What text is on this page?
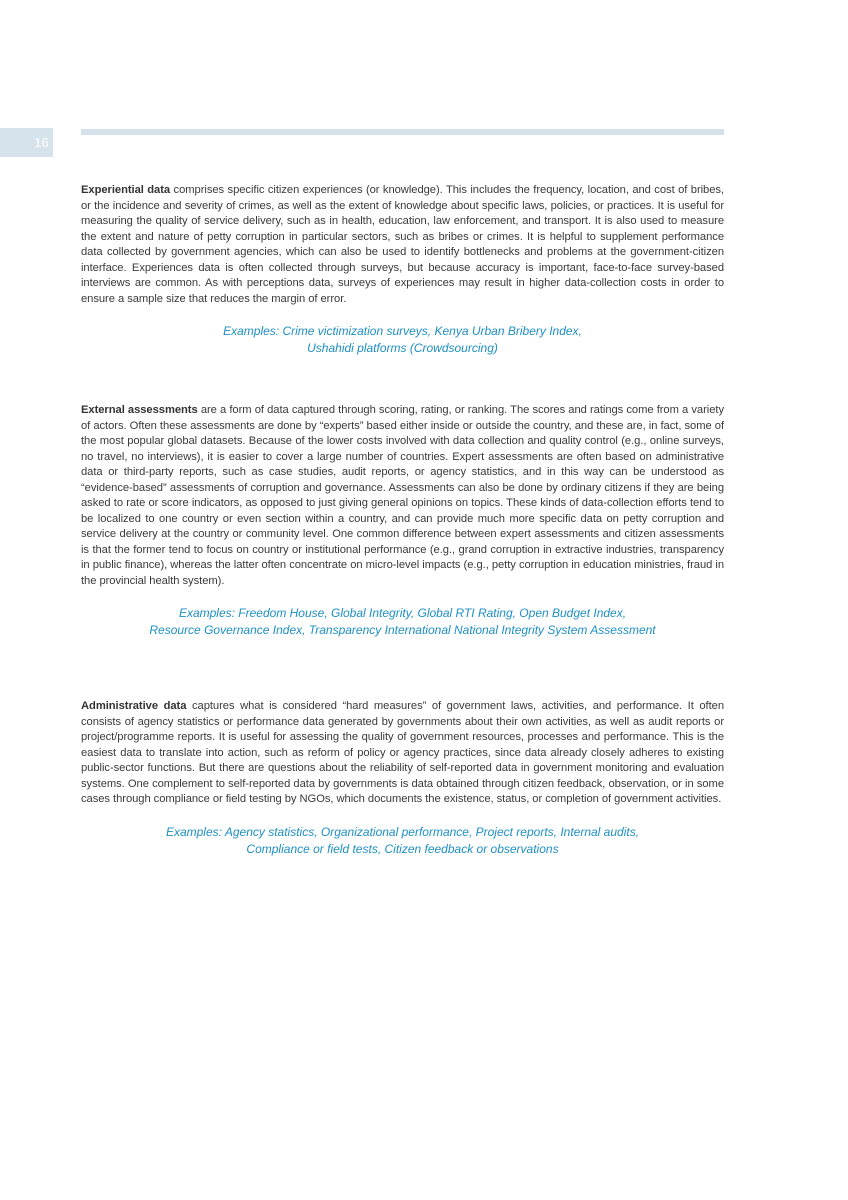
16

Experiential data comprises specific citizen experiences (or knowledge). This includes the frequency, location, and cost of bribes, or the incidence and severity of crimes, as well as the extent of knowledge about specific laws, policies, or practices. It is useful for measuring the quality of service delivery, such as in health, education, law enforcement, and transport. It is also used to measure the extent and nature of petty corruption in particular sectors, such as bribes or crimes. It is helpful to supplement performance data collected by government agencies, which can also be used to identify bottlenecks and problems at the government-citizen interface. Experiences data is often collected through surveys, but because accuracy is important, face-to-face survey-based interviews are common. As with perceptions data, surveys of experiences may result in higher data-collection costs in order to ensure a sample size that reduces the margin of error.

Examples: Crime victimization surveys, Kenya Urban Bribery Index,
Ushahidi platforms (Crowdsourcing)

External assessments are a form of data captured through scoring, rating, or ranking. The scores and ratings come from a variety of actors. Often these assessments are done by “experts” based either inside or outside the country, and these are, in fact, some of the most popular global datasets. Because of the lower costs involved with data collection and quality control (e.g., online surveys, no travel, no interviews), it is easier to cover a large number of countries. Expert assessments are often based on administrative data or third-party reports, such as case studies, audit reports, or agency statistics, and in this way can be understood as “evidence-based” assessments of corruption and governance. Assessments can also be done by ordinary citizens if they are being asked to rate or score indicators, as opposed to just giving general opinions on topics. These kinds of data-collection efforts tend to be localized to one country or even section within a country, and can provide much more specific data on petty corruption and service delivery at the country or community level. One common difference between expert assessments and citizen assessments is that the former tend to focus on country or institutional performance (e.g., grand corruption in extractive industries, transparency in public finance), whereas the latter often concentrate on micro-level impacts (e.g., petty corruption in education ministries, fraud in the provincial health system).

Examples: Freedom House, Global Integrity, Global RTI Rating, Open Budget Index,
Resource Governance Index, Transparency International National Integrity System Assessment

Administrative data captures what is considered “hard measures” of government laws, activities, and performance. It often consists of agency statistics or performance data generated by governments about their own activities, as well as audit reports or project/programme reports. It is useful for assessing the quality of government resources, processes and performance. This is the easiest data to translate into action, such as reform of policy or agency practices, since data already closely adheres to existing public-sector functions. But there are questions about the reliability of self-reported data in government monitoring and evaluation systems. One complement to self-reported data by governments is data obtained through citizen feedback, observation, or in some cases through compliance or field testing by NGOs, which documents the existence, status, or completion of government activities.

Examples: Agency statistics, Organizational performance, Project reports, Internal audits,
Compliance or field tests, Citizen feedback or observations
